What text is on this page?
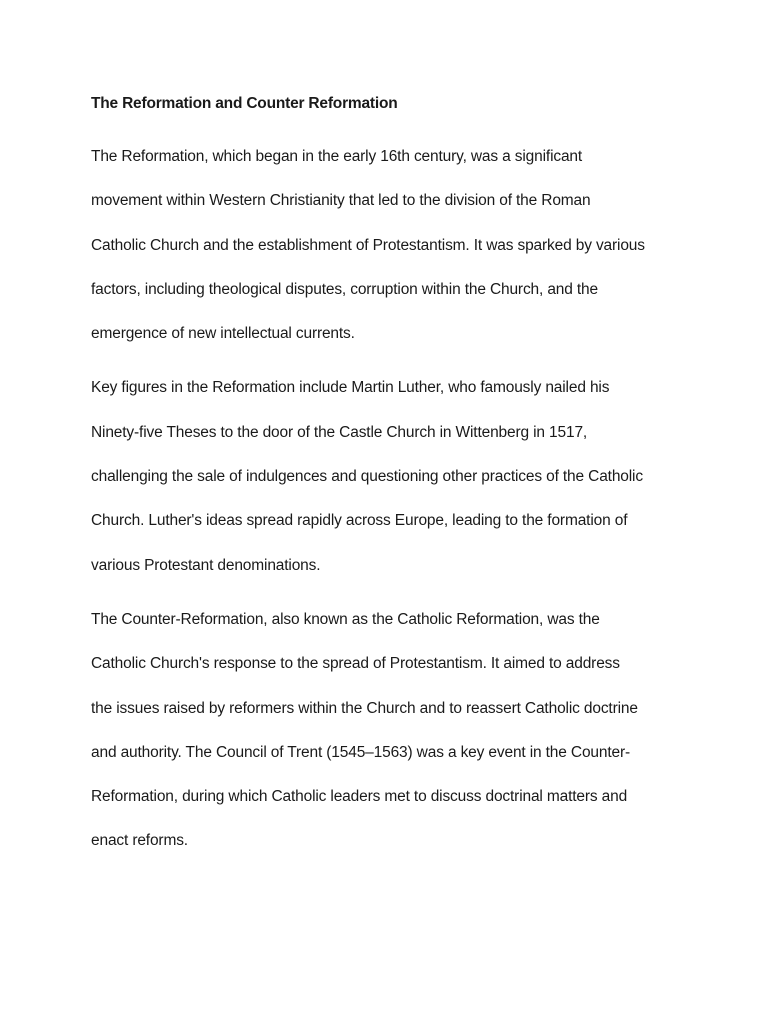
The Reformation and Counter Reformation

The Reformation, which began in the early 16th century, was a significant
movement within Western Christianity that led to the division of the Roman
Catholic Church and the establishment of Protestantism. It was sparked by various
factors, including theological disputes, corruption within the Church, and the
emergence of new intellectual currents.

Key figures in the Reformation include Martin Luther, who famously nailed his
Ninety-five Theses to the door of the Castle Church in Wittenberg in 1517,
challenging the sale of indulgences and questioning other practices of the Catholic
Church. Luther's ideas spread rapidly across Europe, leading to the formation of
various Protestant denominations.

The Counter-Reformation, also known as the Catholic Reformation, was the
Catholic Church's response to the spread of Protestantism. It aimed to address
the issues raised by reformers within the Church and to reassert Catholic doctrine
and authority. The Council of Trent (1545–1563) was a key event in the Counter-
Reformation, during which Catholic leaders met to discuss doctrinal matters and
enact reforms.
